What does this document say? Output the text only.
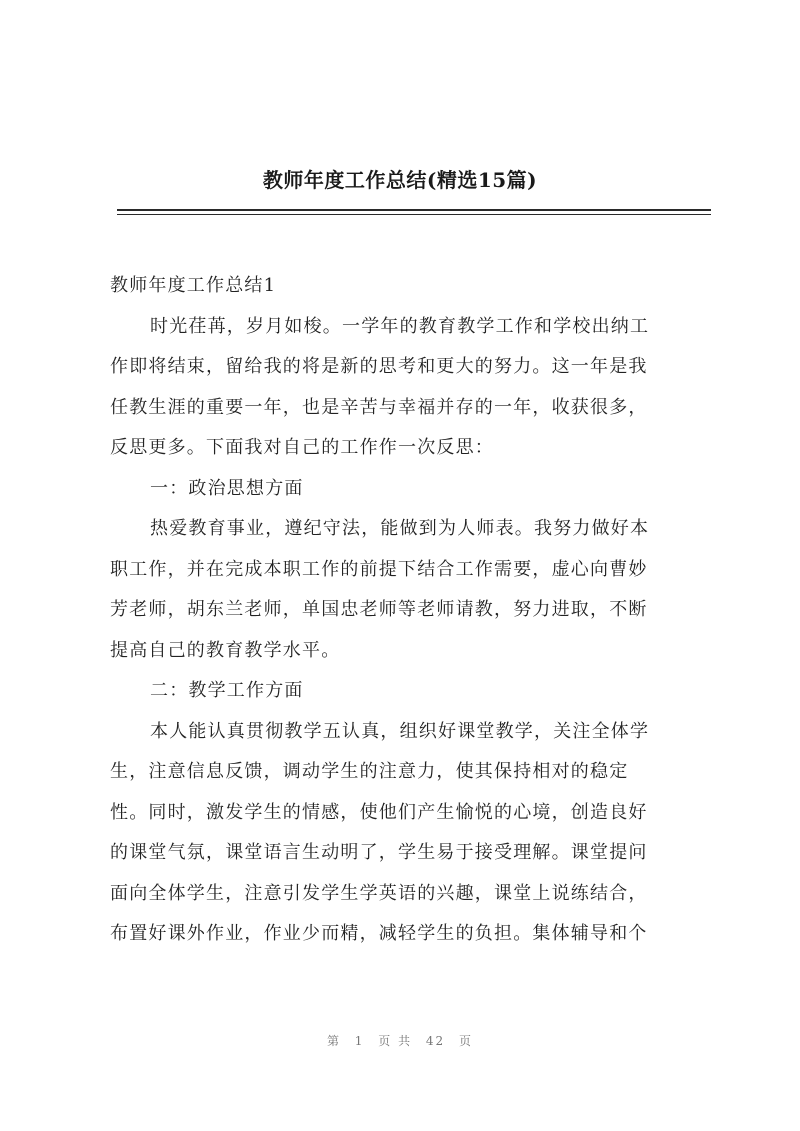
教师年度工作总结(精选15篇)
教师年度工作总结1
时光荏苒，岁月如梭。一学年的教育教学工作和学校出纳工
作即将结束，留给我的将是新的思考和更大的努力。这一年是我
任教生涯的重要一年，也是辛苦与幸福并存的一年，收获很多，
反思更多。下面我对自己的工作作一次反思：
一：政治思想方面
热爱教育事业，遵纪守法，能做到为人师表。我努力做好本
职工作，并在完成本职工作的前提下结合工作需要，虚心向曹妙
芳老师，胡东兰老师，单国忠老师等老师请教，努力进取，不断
提高自己的教育教学水平。
二：教学工作方面
本人能认真贯彻教学五认真，组织好课堂教学，关注全体学
生，注意信息反馈，调动学生的注意力，使其保持相对的稳定
性。同时，激发学生的情感，使他们产生愉悦的心境，创造良好
的课堂气氛，课堂语言生动明了，学生易于接受理解。课堂提问
面向全体学生，注意引发学生学英语的兴趣，课堂上说练结合，
布置好课外作业，作业少而精，减轻学生的负担。集体辅导和个
第 1 页 共 42 页
